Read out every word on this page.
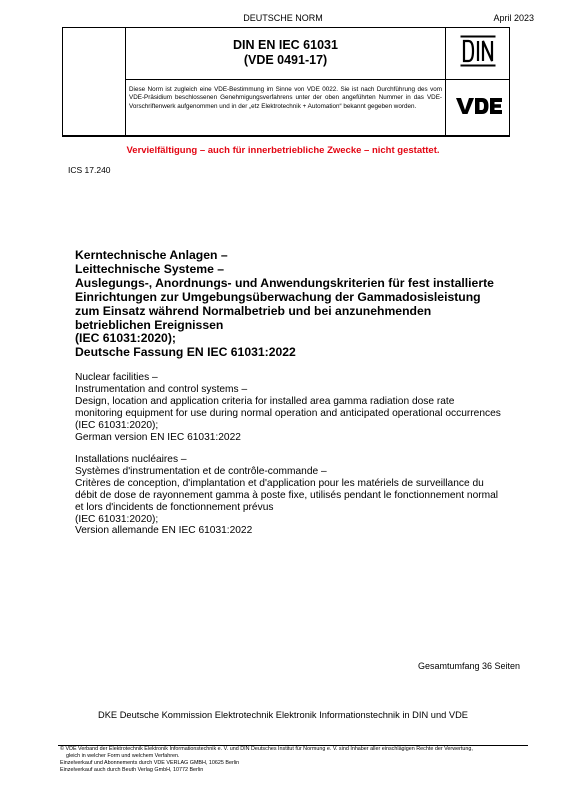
DEUTSCHE NORM	April 2023
DIN EN IEC 61031
(VDE 0491-17)
Diese Norm ist zugleich eine VDE-Bestimmung im Sinne von VDE 0022. Sie ist nach Durchführung des vom VDE-Präsidium beschlossenen Genehmigungsverfahrens unter der oben angeführten Nummer in das VDE-Vorschriftenwerk aufgenommen und in der „etz Elektrotechnik + Automation“ bekannt gegeben worden.
Vervielfältigung – auch für innerbetriebliche Zwecke – nicht gestattet.
ICS 17.240
Kerntechnische Anlagen –
Leittechnische Systeme –
Auslegungs-, Anordnungs- und Anwendungskriterien für fest installierte
Einrichtungen zur Umgebungsüberwachung der Gammadosisleistung
zum Einsatz während Normalbetrieb und bei anzunehmenden
betrieblichen Ereignissen
(IEC 61031:2020);
Deutsche Fassung EN IEC 61031:2022
Nuclear facilities –
Instrumentation and control systems –
Design, location and application criteria for installed area gamma radiation dose rate
monitoring equipment for use during normal operation and anticipated operational occurrences
(IEC 61031:2020);
German version EN IEC 61031:2022
Installations nucléaires –
Systèmes d'instrumentation et de contrôle-commande –
Critères de conception, d'implantation et d'application pour les matériels de surveillance du
débit de dose de rayonnement gamma à poste fixe, utilisés pendant le fonctionnement normal
et lors d'incidents de fonctionnement prévus
(IEC 61031:2020);
Version allemande EN IEC 61031:2022
Gesamtumfang 36 Seiten
DKE Deutsche Kommission Elektrotechnik Elektronik Informationstechnik in DIN und VDE
© VDE Verband der Elektrotechnik Elektronik Informationstechnik e. V. und DIN Deutsches Institut für Normung e. V. sind Inhaber aller einschlägigen Rechte der Verwertung,
gleich in welcher Form und welchem Verfahren.
Einzelverkauf und Abonnements durch VDE VERLAG GMBH, 10625 Berlin
Einzelverkauf auch durch Beuth Verlag GmbH, 10772 Berlin
